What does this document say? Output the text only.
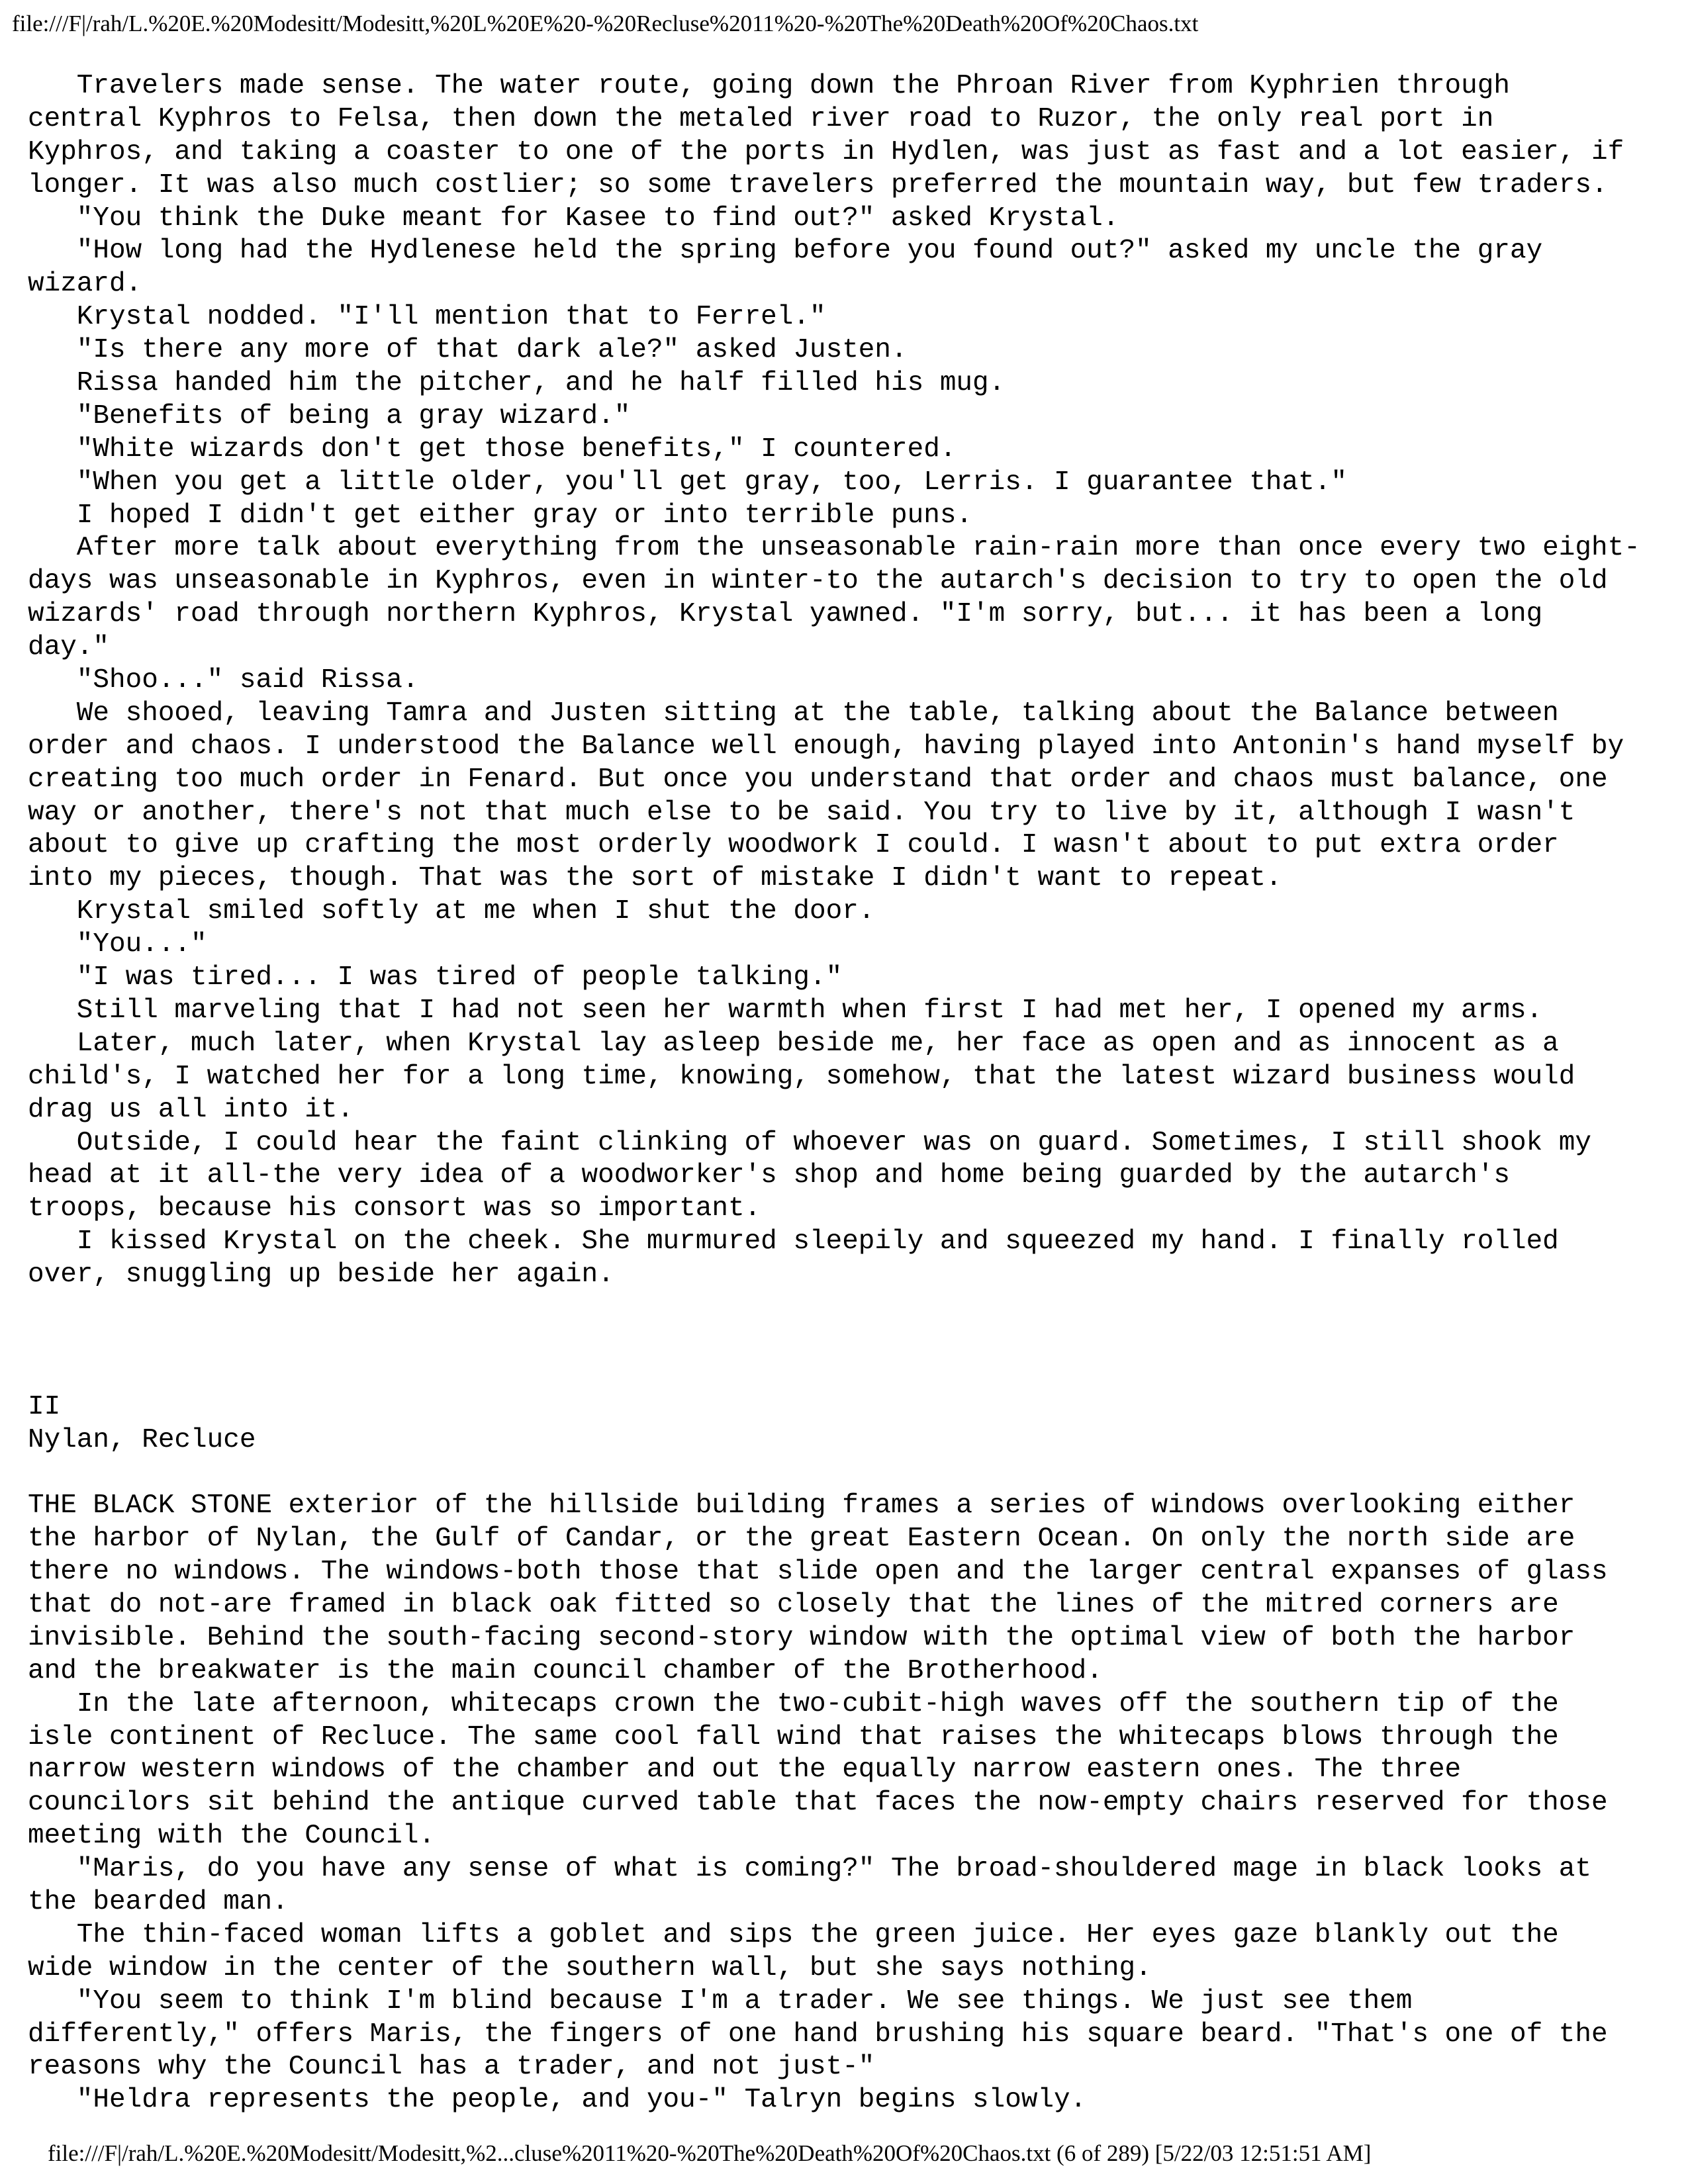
file:///F|/rah/L.%20E.%20Modesitt/Modesitt,%20L%20E%20-%20Recluse%2011%20-%20The%20Death%20Of%20Chaos.txt
Travelers made sense. The water route, going down the Phroan River from Kyphrien through
central Kyphros to Felsa, then down the metaled river road to Ruzor, the only real port in
Kyphros, and taking a coaster to one of the ports in Hydlen, was just as fast and a lot easier, if
longer. It was also much costlier; so some travelers preferred the mountain way, but few traders.
"You think the Duke meant for Kasee to find out?" asked Krystal.
"How long had the Hydlenese held the spring before you found out?" asked my uncle the gray
wizard.
Krystal nodded. "I'll mention that to Ferrel."
"Is there any more of that dark ale?" asked Justen.
Rissa handed him the pitcher, and he half filled his mug.
"Benefits of being a gray wizard."
"White wizards don't get those benefits," I countered.
"When you get a little older, you'll get gray, too, Lerris. I guarantee that."
I hoped I didn't get either gray or into terrible puns.
After more talk about everything from the unseasonable rain-rain more than once every two eight-
days was unseasonable in Kyphros, even in winter-to the autarch's decision to try to open the old
wizards' road through northern Kyphros, Krystal yawned. "I'm sorry, but... it has been a long
day."
"Shoo..." said Rissa.
We shooed, leaving Tamra and Justen sitting at the table, talking about the Balance between
order and chaos. I understood the Balance well enough, having played into Antonin's hand myself by
creating too much order in Fenard. But once you understand that order and chaos must balance, one
way or another, there's not that much else to be said. You try to live by it, although I wasn't
about to give up crafting the most orderly woodwork I could. I wasn't about to put extra order
into my pieces, though. That was the sort of mistake I didn't want to repeat.
Krystal smiled softly at me when I shut the door.
"You..."
"I was tired... I was tired of people talking."
Still marveling that I had not seen her warmth when first I had met her, I opened my arms.
Later, much later, when Krystal lay asleep beside me, her face as open and as innocent as a
child's, I watched her for a long time, knowing, somehow, that the latest wizard business would
drag us all into it.
Outside, I could hear the faint clinking of whoever was on guard. Sometimes, I still shook my
head at it all-the very idea of a woodworker's shop and home being guarded by the autarch's
troops, because his consort was so important.
I kissed Krystal on the cheek. She murmured sleepily and squeezed my hand. I finally rolled
over, snuggling up beside her again.
II
Nylan, Recluce
THE BLACK STONE exterior of the hillside building frames a series of windows overlooking either
the harbor of Nylan, the Gulf of Candar, or the great Eastern Ocean. On only the north side are
there no windows. The windows-both those that slide open and the larger central expanses of glass
that do not-are framed in black oak fitted so closely that the lines of the mitred corners are
invisible. Behind the south-facing second-story window with the optimal view of both the harbor
and the breakwater is the main council chamber of the Brotherhood.
In the late afternoon, whitecaps crown the two-cubit-high waves off the southern tip of the
isle continent of Recluce. The same cool fall wind that raises the whitecaps blows through the
narrow western windows of the chamber and out the equally narrow eastern ones. The three
councilors sit behind the antique curved table that faces the now-empty chairs reserved for those
meeting with the Council.
"Maris, do you have any sense of what is coming?" The broad-shouldered mage in black looks at
the bearded man.
The thin-faced woman lifts a goblet and sips the green juice. Her eyes gaze blankly out the
wide window in the center of the southern wall, but she says nothing.
"You seem to think I'm blind because I'm a trader. We see things. We just see them
differently," offers Maris, the fingers of one hand brushing his square beard. "That's one of the
reasons why the Council has a trader, and not just-"
"Heldra represents the people, and you-" Talryn begins slowly.
file:///F|/rah/L.%20E.%20Modesitt/Modesitt,%2...cluse%2011%20-%20The%20Death%20Of%20Chaos.txt (6 of 289) [5/22/03 12:51:51 AM]
